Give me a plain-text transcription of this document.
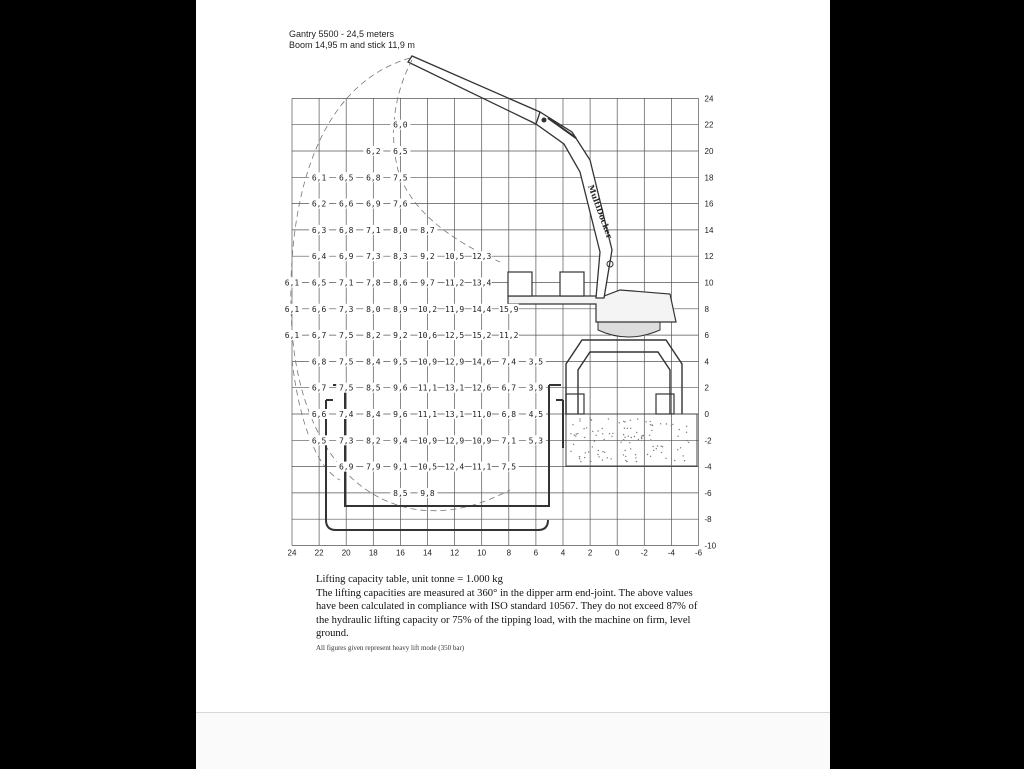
MultiDocker
24 22 20 18 16 14 12 10	8	6	4	2	0	-2 -4 -6
24
22
20
18
16
14
12
10
8
6
4
2
0
-2
-4
-6
-8
-10
6,0
6,2 6,5
6,1 6,5 6,8 7,5
6,2 6,6 6,9 7,6
6,3 6,8 7,1 8,0 8,7
6,4 6,9 7,3 8,3 9,2 10,5 12,3
6,1 6,5 7,1 7,8 8,6 9,7 11,2 13,4
6,1 6,6 7,3 8,0 8,9 10,2 11,9 14,4 15,9
6,1 6,7 7,5 8,2 9,2 10,6 12,5 15,2 11,2
6,8 7,5 8,4 9,5 10,9 12,9 14,6 7,4 3,5
6,7 7,5 8,5 9,6 11,1 13,1 12,6 6,7 3,9
6,6 7,4 8,4 9,6 11,1 13,1 11,0 6,8 4,5
6,5 7,3 8,2 9,4 10,9 12,9 10,9 7,1 5,3
6,9 7,9 9,1 10,5 12,4 11,1 7,5
8,5 9,8
Gantry 5500 - 24,5 meters
Boom 14,95 m and stick 11,9 m
Lifting capacity table, unit tonne = 1.000 kg
The lifting capacities are measured at 360° in the dipper arm end-joint. The above values have been calculated in compliance with ISO standard 10567. They do not exceed 87% of the hydraulic lifting capacity or 75% of the tipping load, with the machine on firm, level ground.
All figures given represent heavy lift mode (350 bar)
